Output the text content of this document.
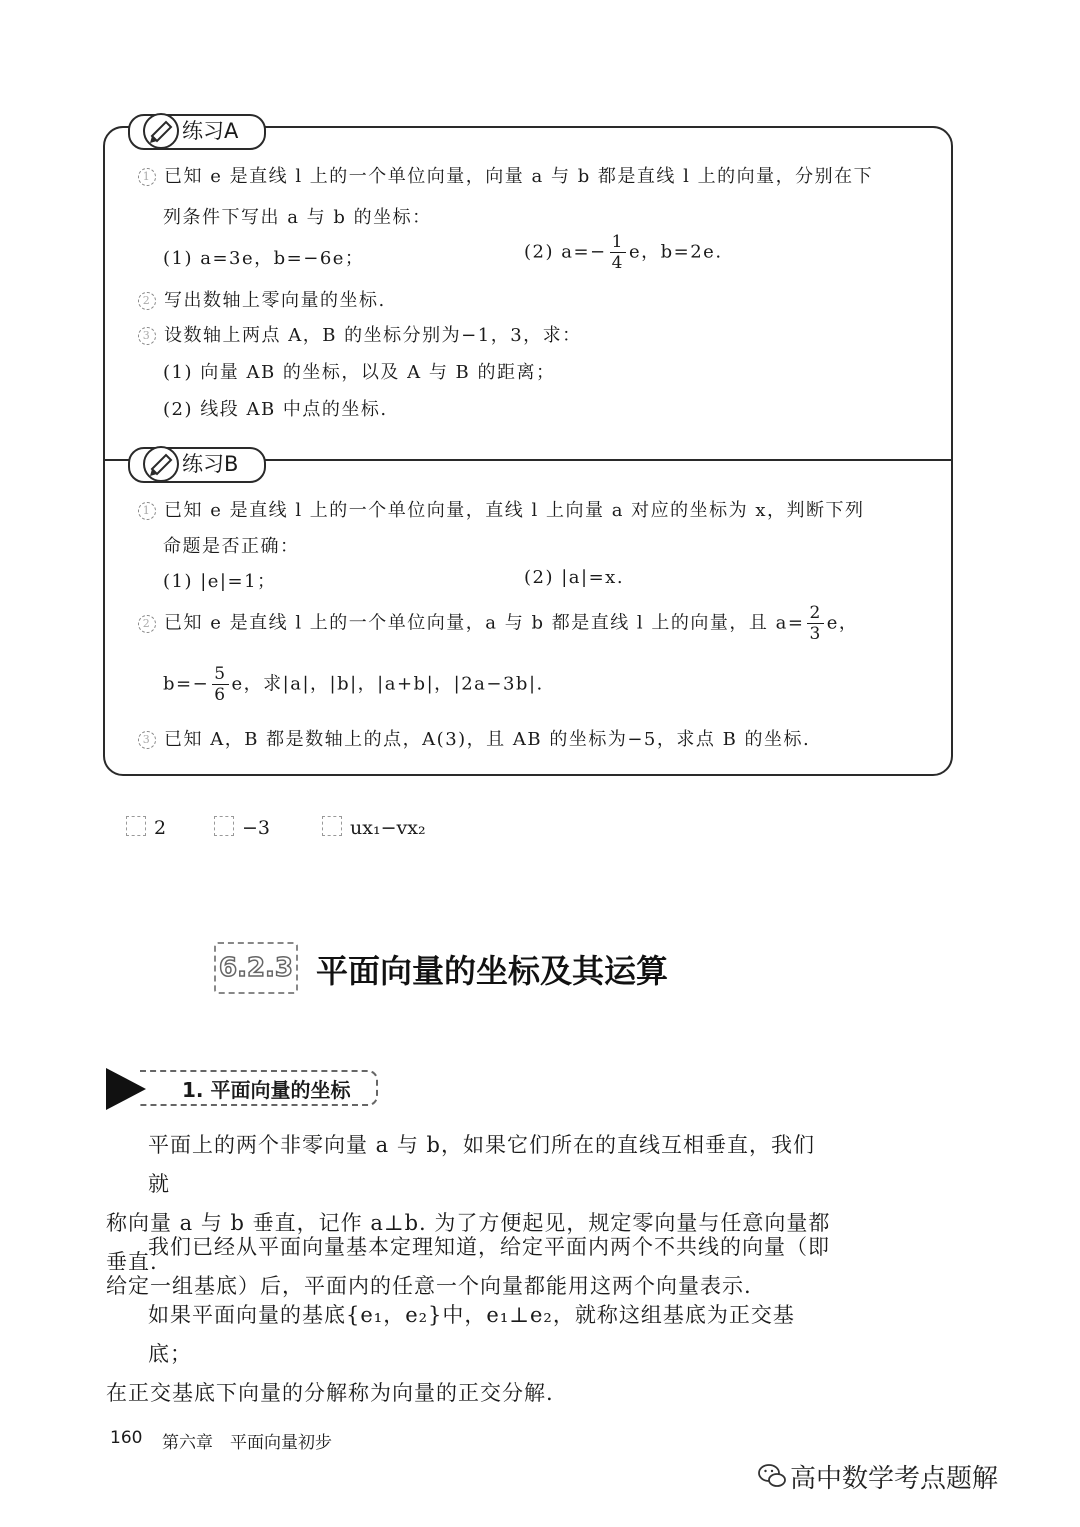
练习A
1 已知 e 是直线 l 上的一个单位向量，向量 a 与 b 都是直线 l 上的向量，分别在下
列条件下写出 a 与 b 的坐标：
(1) a=3e，b=−6e；	(2) $a=- \frac{1}{4}$ e，b=2e.
2 写出数轴上零向量的坐标.
3 设数轴上两点 A，B 的坐标分别为−1，3，求：
(1) 向量 AB 的坐标，以及 A 与 B 的距离；
(2) 线段 AB 中点的坐标.
练习B
1 已知 e 是直线 l 上的一个单位向量，直线 l 上向量 a 对应的坐标为 x，判断下列
命题是否正确：
(1) |e|=1；	(2) |a|=x.
2 已知 e 是直线 l 上的一个单位向量，a 与 b 都是直线 l 上的向量，且 $a= \frac{2}{3}$ e，
$b=- \frac{5}{6}$ e，求|a|，|b|，|a+b|，|2a−3b|.
3 已知 A，B 都是数轴上的点，A(3)，且 AB 的坐标为−5，求点 B 的坐标.
2	−3	ux₁−vx₂
6.2.3 平面向量的坐标及其运算
1. 平面向量的坐标
平面上的两个非零向量 a 与 b，如果它们所在的直线互相垂直，我们就
称向量 a 与 b 垂直，记作 a⊥b. 为了方便起见，规定零向量与任意向量都
垂直.
我们已经从平面向量基本定理知道，给定平面内两个不共线的向量（即
给定一组基底）后，平面内的任意一个向量都能用这两个向量表示.
如果平面向量的基底{e₁，e₂}中，e₁⊥e₂，就称这组基底为正交基底；
在正交基底下向量的分解称为向量的正交分解.
160 第六章　平面向量初步
高中数学考点题解
